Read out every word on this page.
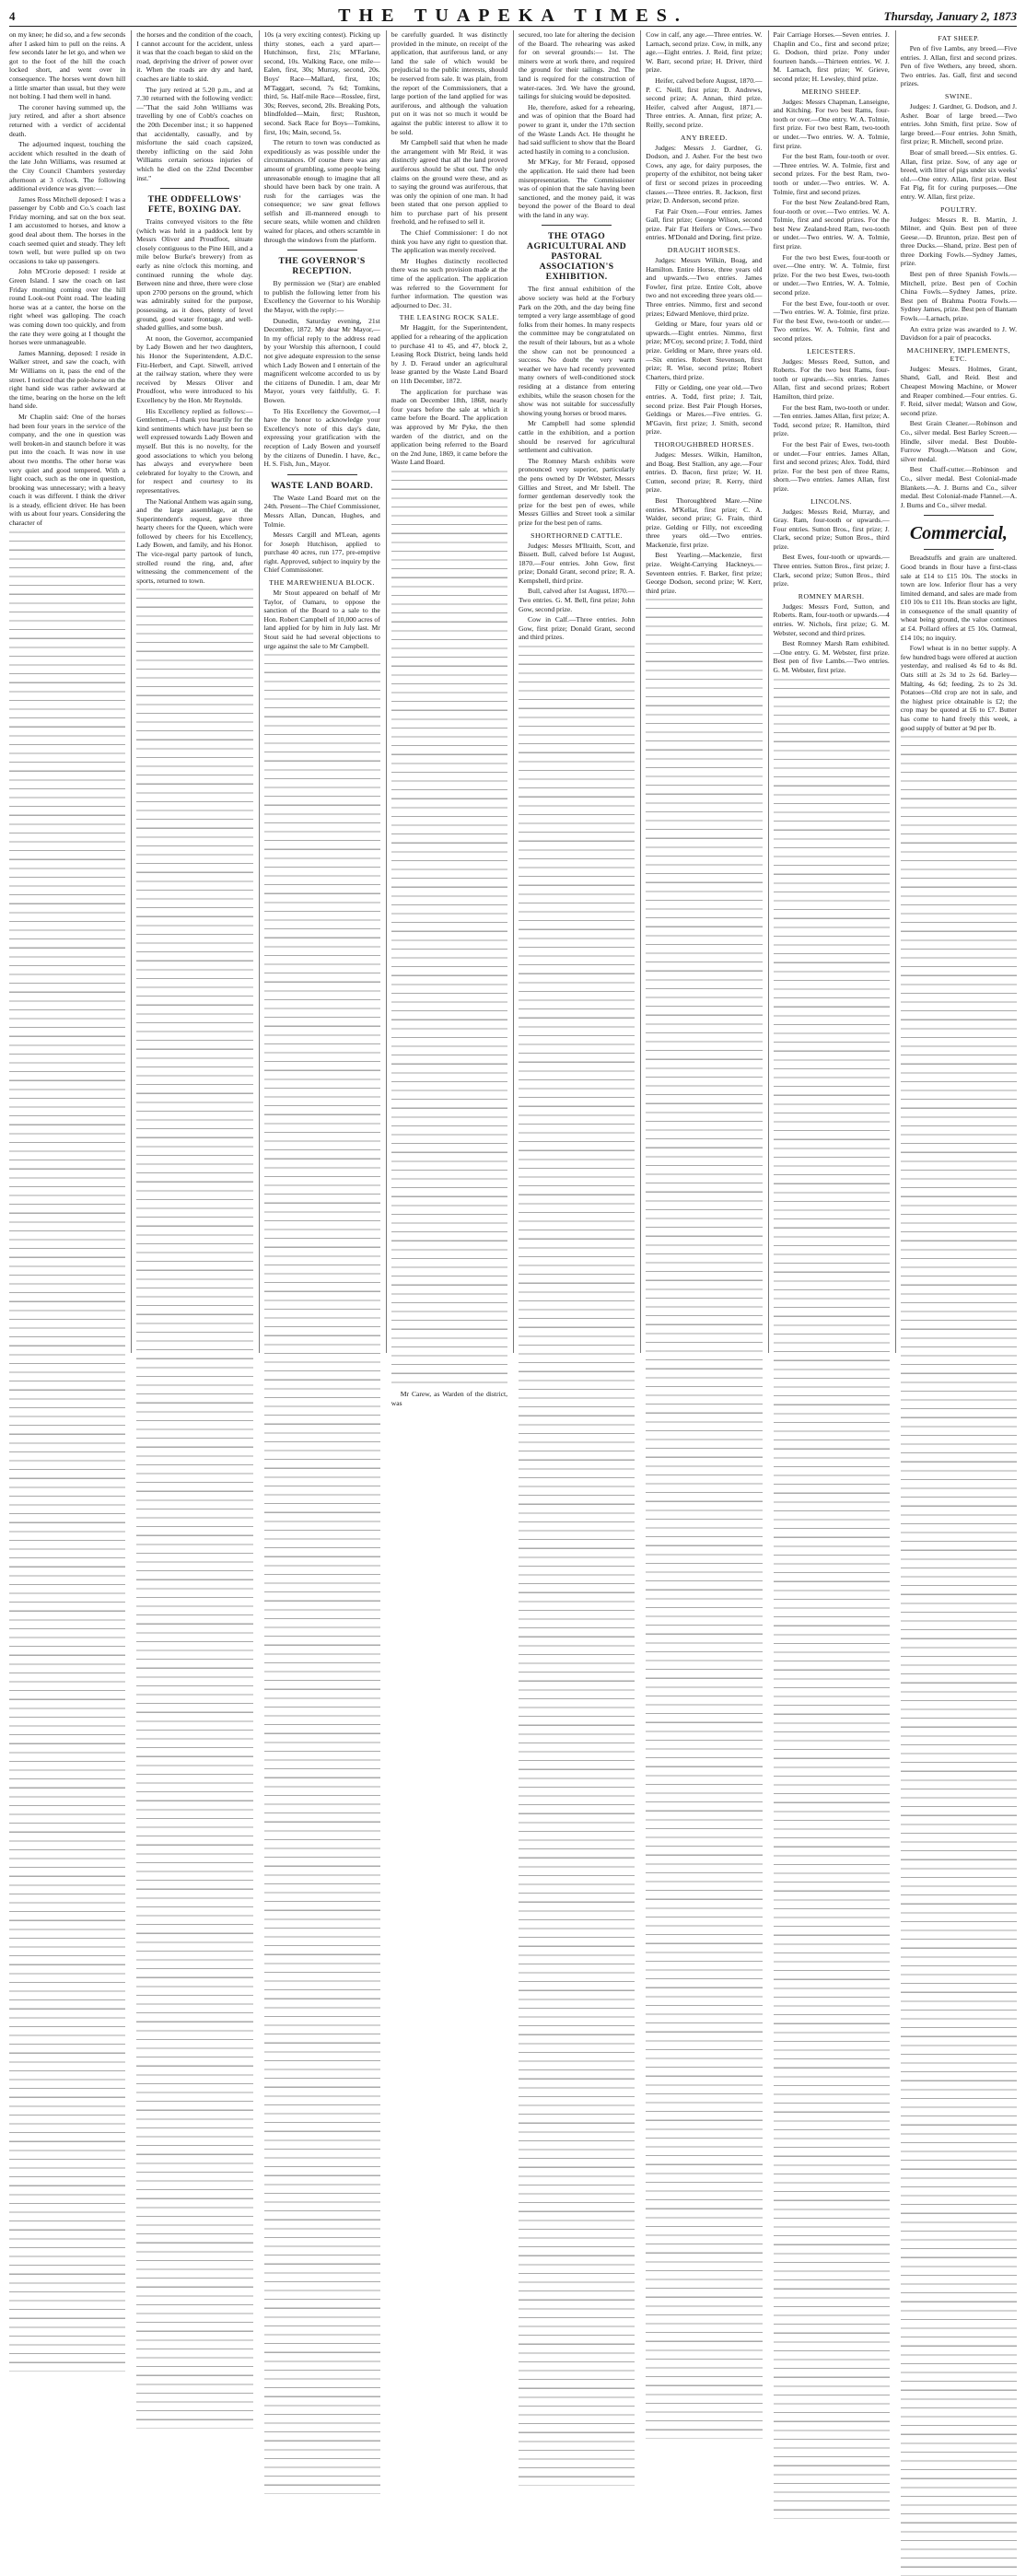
4	THE TUAPEKA TIMES.	Thursday, January 2, 1873

on my knee; he did so, and a few seconds after I asked him to pull on the reins. A few seconds later he let go, and when we got to the foot of the hill the coach locked short, and went over in consequence. The horses went down hill a little smarter than usual, but they were not bolting. I had them well in hand.

The coroner having summed up, the jury retired, and after a short absence returned with a verdict of accidental death.

The adjourned inquest, touching the accident which resulted in the death of the late John Williams, was resumed at the City Council Chambers yesterday afternoon at 3 o'clock. The following additional evidence was given:—

James Ross Mitchell deposed: I was a passenger by Cobb and Co.'s coach last Friday morning, and sat on the box seat. I am accustomed to horses, and know a good deal about them. The horses in the coach seemed quiet and steady. They left town well, but were pulled up on two occasions to take up passengers.

John M'Crorie deposed: I reside at Green Island. I saw the coach on last Friday morning coming over the hill round Look-out Point road. The leading horse was at a canter, the horse on the right wheel was galloping. The coach was coming down too quickly, and from the rate they were going at I thought the horses were unmanageable.

James Manning, deposed: I reside in Walker street, and saw the coach, with Mr Williams on it, pass the end of the street. I noticed that the pole-horse on the right hand side was rather awkward at the time, bearing on the horse on the left hand side.

Mr Chaplin said: One of the horses had been four years in the service of the company, and the one in question was well broken-in and staunch before it was put into the coach. It was now in use about two months. The other horse was very quiet and good tempered. With a light coach, such as the one in question, brooking was unnecessary; with a heavy coach it was different. I think the driver is a steady, efficient driver. He has been with us about four years. Considering the character of

the horses and the condition of the coach, I cannot account for the accident, unless it was that the coach began to skid on the road, depriving the driver of power over it. When the roads are dry and hard, coaches are liable to skid.

The jury retired at 5.20 p.m., and at 7.30 returned with the following verdict:—"That the said John Williams was travelling by one of Cobb's coaches on the 20th December inst.; it so happened that accidentally, casually, and by misfortune the said coach capsized, thereby inflicting on the said John Williams certain serious injuries of which he died on the 22nd December inst."

THE ODDFELLOWS' FETE, BOXING DAY.

Trains conveyed visitors to the fête (which was held in a paddock lent by Messrs Oliver and Proudfoot, situate closely contiguous to the Pine Hill, and a mile below Burke's brewery) from as early as nine o'clock this morning, and continued running the whole day. Between nine and three, there were close upon 2700 persons on the ground, which was admirably suited for the purpose, possessing, as it does, plenty of level ground, good water frontage, and well-shaded gullies, and some bush.

At noon, the Governor, accompanied by Lady Bowen and her two daughters, his Honor the Superintendent, A.D.C. Fitz-Herbert, and Capt. Sitwell, arrived at the railway station, where they were received by Messrs Oliver and Proudfoot, who were introduced to his Excellency by the Hon. Mr Reynolds.

His Excellency replied as follows:— Gentlemen,—I thank you heartily for the kind sentiments which have just been so well expressed towards Lady Bowen and myself. But this is no novelty, for the good associations to which you belong has always and everywhere been celebrated for loyalty to the Crown, and for respect and courtesy to its representatives.

The National Anthem was again sung, and the large assemblage, at the Superintendent's request, gave three hearty cheers for the Queen, which were followed by cheers for his Excellency, Lady Bowen, and family, and his Honor. The vice-regal party partook of lunch, strolled round the ring, and, after witnessing the commencement of the sports, returned to town.

10s (a very exciting contest). Picking up thirty stones, each a yard apart—Hutchinson, first, 21s; M'Farlane, second, 10s. Walking Race, one mile—Ealen, first, 30s; Murray, second, 20s. Boys' Race—Mallard, first, 10s; M'Taggart, second, 7s 6d; Tomkins, third, 5s. Half-mile Race—Rosslee, first, 30s; Reeves, second, 20s. Breaking Pots, blindfolded—Main, first; Rushton, second. Sack Race for Boys—Tomkins, first, 10s; Main, second, 5s.

The return to town was conducted as expeditiously as was possible under the circumstances. Of course there was any amount of grumbling, some people being unreasonable enough to imagine that all should have been back by one train. A rush for the carriages was the consequence; we saw great fellows selfish and ill-mannered enough to secure seats, while women and children waited for places, and others scramble in through the windows from the platform.

THE GOVERNOR'S RECEPTION.

By permission we (Star) are enabled to publish the following letter from his Excellency the Governor to his Worship the Mayor, with the reply:—

Dunedin, Saturday evening, 21st December, 1872. My dear Mr Mayor,—In my official reply to the address read by your Worship this afternoon, I could not give adequate expression to the sense which Lady Bowen and I entertain of the magnificent welcome accorded to us by the citizens of Dunedin. I am, dear Mr Mayor, yours very faithfully, G. F. Bowen.

To His Excellency the Governor,—I have the honor to acknowledge your Excellency's note of this day's date, expressing your gratification with the reception of Lady Bowen and yourself by the citizens of Dunedin. I have, &c., H. S. Fish, Jun., Mayor.

WASTE LAND BOARD.

The Waste Land Board met on the 24th. Present—The Chief Commissioner, Messrs Allan, Duncan, Hughes, and Tolmie.

Messrs Cargill and M'Lean, agents for Joseph Hutchison, applied to purchase 40 acres, run 177, pre-emptive right. Approved, subject to inquiry by the Chief Commissioner.

THE MAREWHENUA BLOCK.

Mr Stout appeared on behalf of Mr Taylor, of Oamaru, to oppose the sanction of the Board to a sale to the Hon. Robert Campbell of 10,000 acres of land applied for by him in July last. Mr Stout said he had several objections to urge against the sale to Mr Campbell.

be carefully guarded. It was distinctly provided in the minute, on receipt of the application, that auriferous land, or any land the sale of which would be prejudicial to the public interests, should be reserved from sale. It was plain, from the report of the Commissioners, that a large portion of the land applied for was auriferous, and although the valuation put on it was not so much it would be against the public interest to allow it to be sold.

Mr Campbell said that when he made the arrangement with Mr Reid, it was distinctly agreed that all the land proved auriferous should be shut out. The only claims on the ground were these, and as to saying the ground was auriferous, that was only the opinion of one man. It had been stated that one person applied to him to purchase part of his present freehold, and he refused to sell it.

The Chief Commissioner: I do not think you have any right to question that. The application was merely received.

Mr Hughes distinctly recollected there was no such provision made at the time of the application. The application was referred to the Government for further information. The question was adjourned to Dec. 31.

THE LEASING ROCK SALE.

Mr Haggitt, for the Superintendent, applied for a rehearing of the application to purchase 41 to 45, and 47, block 2, Leasing Rock District, being lands held by J. D. Feraud under an agricultural lease granted by the Waste Land Board on 11th December, 1872.

The application for purchase was made on December 18th, 1868, nearly four years before the sale at which it came before the Board. The application was approved by Mr Pyke, the then warden of the district, and on the application being referred to the Board on the 2nd June, 1869, it came before the Waste Land Board.

Mr Carew, as Warden of the district, was

secured, too late for altering the decision of the Board. The rehearing was asked for on several grounds:— 1st. The miners were at work there, and required the ground for their tailings. 2nd. The land is required for the construction of water-races. 3rd. We have the ground, tailings for sluicing would be deposited.

He, therefore, asked for a rehearing, and was of opinion that the Board had power to grant it, under the 17th section of the Waste Lands Act. He thought he had said sufficient to show that the Board acted hastily in coming to a conclusion.

Mr M'Kay, for Mr Feraud, opposed the application. He said there had been misrepresentation. The Commissioner was of opinion that the sale having been sanctioned, and the money paid, it was beyond the power of the Board to deal with the land in any way.

THE OTAGO AGRICULTURAL AND PASTORAL ASSOCIATION'S EXHIBITION.

The first annual exhibition of the above society was held at the Forbury Park on the 20th, and the day being fine tempted a very large assemblage of good folks from their homes. In many respects the committee may be congratulated on the result of their labours, but as a whole the show can not be pronounced a success. No doubt the very warm weather we have had recently prevented many owners of well-conditioned stock residing at a distance from entering exhibits, while the season chosen for the show was not suitable for successfully showing young horses or brood mares.

Mr Campbell had some splendid cattle in the exhibition, and a portion should be reserved for agricultural settlement and cultivation.

The Romney Marsh exhibits were pronounced very superior, particularly the pens owned by Dr Webster, Messrs Gillies and Street, and Mr Isbell. The former gentleman deservedly took the prize for the best pen of ewes, while Messrs Gillies and Street took a similar prize for the best pen of rams.

SHORTHORNED CATTLE.

Judges: Messrs M'Ilraith, Scott, and Bissett. Bull, calved before 1st August, 1870.—Four entries. John Gow, first prize; Donald Grant, second prize; R. A. Kempshell, third prize.

Bull, calved after 1st August, 1870.—Two entries. G. M. Bell, first prize; John Gow, second prize.

Cow in Calf.—Three entries. John Gow, first prize; Donald Grant, second and third prizes.

Cow in calf, any age.—Three entries. W. Larnach, second prize. Cow, in milk, any age.—Eight entries. J. Reid, first prize; W. Barr, second prize; H. Driver, third prize.

Heifer, calved before August, 1870.—P. C. Neill, first prize; D. Andrews, second prize; A. Annan, third prize. Heifer, calved after August, 1871.—Three entries. A. Annan, first prize; A. Reilly, second prize.

ANY BREED.

Judges: Messrs J. Gardner, G. Dodson, and J. Asher. For the best two Cows, any age, for dairy purposes, the property of the exhibitor, not being taker of first or second prizes in proceeding classes.—Three entries. R. Jackson, first prize; D. Anderson, second prize.

Fat Pair Oxen.—Four entries. James Gall, first prize; George Wilson, second prize. Pair Fat Heifers or Cows.—Two entries. M'Donald and Doring, first prize.

DRAUGHT HORSES.

Judges: Messrs Wilkin, Boag, and Hamilton. Entire Horse, three years old and upwards.—Two entries. James Fowler, first prize. Entire Colt, above two and not exceeding three years old.—Three entries. Nimmo, first and second prizes; Edward Menlove, third prize.

Gelding or Mare, four years old or upwards.—Eight entries. Nimmo, first prize; M'Coy, second prize; J. Todd, third prize. Gelding or Mare, three years old.—Six entries. Robert Stevenson, first prize; R. Wise, second prize; Robert Charters, third prize.

Filly or Gelding, one year old.—Two entries. A. Todd, first prize; J. Tait, second prize. Best Pair Plough Horses, Geldings or Mares.—Five entries. G. M'Gavin, first prize; J. Smith, second prize.

THOROUGHBRED HORSES.

Judges: Messrs. Wilkin, Hamilton, and Boag. Best Stallion, any age.—Four entries. D. Bacon, first prize; W. H. Cutten, second prize; R. Kerry, third prize.

Best Thoroughbred Mare.—Nine entries. M'Kellar, first prize; C. A. Walder, second prize; G. Frain, third prize. Gelding or Filly, not exceeding three years old.—Two entries. Mackenzie, first prize.

Best Yearling.—Mackenzie, first prize. Weight-Carrying Hackneys.—Seventeen entries. F. Barker, first prize; George Dodson, second prize; W. Kerr, third prize.

Pair Carriage Horses.—Seven entries. J. Chaplin and Co., first and second prize; G. Dodson, third prize. Pony under fourteen hands.—Thirteen entries. W. J. M. Larnach, first prize; W. Grieve, second prize; H. Lewsley, third prize.

MERINO SHEEP.

Judges: Messrs Chapman, Lanseigne, and Kitching. For two best Rams, four-tooth or over.—One entry. W. A. Tolmie, first prize. For two best Ram, two-tooth or under.—Two entries. W. A. Tolmie, first prize.

For the best Ram, four-tooth or over.—Three entries. W. A. Tolmie, first and second prizes. For the best Ram, two-tooth or under.—Two entries. W. A. Tolmie, first and second prizes.

For the best New Zealand-bred Ram, four-tooth or over.—Two entries. W. A. Tolmie, first and second prizes. For the best New Zealand-bred Ram, two-tooth or under.—Two entries. W. A. Tolmie, first prize.

For the two best Ewes, four-tooth or over.—One entry. W. A. Tolmie, first prize. For the two best Ewes, two-tooth or under.—Two Entries, W. A. Tolmie, second prize.

For the best Ewe, four-tooth or over.—Two entries. W. A. Tolmie, first prize. For the best Ewe, two-tooth or under.—Two entries. W. A. Tolmie, first and second prizes.

LEICESTERS.

Judges: Messrs Reed, Sutton, and Roberts. For the two best Rams, four-tooth or upwards.—Six entries. James Allan, first and second prizes; Robert Hamilton, third prize.

For the best Ram, two-tooth or under.—Ten entries. James Allan, first prize; A. Todd, second prize; R. Hamilton, third prize.

For the best Pair of Ewes, two-tooth or under.—Four entries. James Allan, first and second prizes; Alex. Todd, third prize. For the best pen of three Rams, shorn.—Two entries. James Allan, first prize.

LINCOLNS.

Judges: Messrs Reid, Murray, and Gray. Ram, four-tooth or upwards.—Four entries. Sutton Bros., first prize; J. Clark, second prize; Sutton Bros., third prize.

Best Ewes, four-tooth or upwards.—Three entries. Sutton Bros., first prize; J. Clark, second prize; Sutton Bros., third prize.

ROMNEY MARSH.

Judges: Messrs Ford, Sutton, and Roberts. Ram, four-tooth or upwards.—4 entries. W. Nichols, first prize; G. M. Webster, second and third prizes.

Best Romney Marsh Ram exhibited.—One entry. G. M. Webster, first prize. Best pen of five Lambs.—Two entries. G. M. Webster, first prize.

FAT SHEEP.

Pen of five Lambs, any breed.—Five entries. J. Allan, first and second prizes. Pen of five Wethers, any breed, shorn. Two entries. Jas. Gall, first and second prizes.

SWINE.

Judges: J. Gardner, G. Dodson, and J. Asher. Boar of large breed.—Two entries. John Smith, first prize. Sow of large breed.—Four entries. John Smith, first prize; R. Mitchell, second prize.

Boar of small breed.—Six entries. G. Allan, first prize. Sow, of any age or breed, with litter of pigs under six weeks' old.—One entry. Allan, first prize. Best Fat Pig, fit for curing purposes.—One entry. W. Allan, first prize.

POULTRY.

Judges: Messrs R. B. Martin, J. Milner, and Quin. Best pen of three Geese.—D. Brunton, prize. Best pen of three Ducks.—Shand, prize. Best pen of three Dorking Fowls.—Sydney James, prize.

Best pen of three Spanish Fowls.—Mitchell, prize. Best pen of Cochin China Fowls.—Sydney James, prize. Best pen of Brahma Pootra Fowls.—Sydney James, prize. Best pen of Bantam Fowls.—Larnach, prize.

An extra prize was awarded to J. W. Davidson for a pair of peacocks.

MACHINERY, IMPLEMENTS, ETC.

Judges: Messrs. Holmes, Grant, Shand, Gall, and Reid. Best and Cheapest Mowing Machine, or Mower and Reaper combined.—Four entries. G. F. Reid, silver medal; Watson and Gow, second prize.

Best Grain Cleaner.—Robinson and Co., silver medal. Best Barley Screen.—Hindle, silver medal. Best Double-Furrow Plough.—Watson and Gow, silver medal.

Best Chaff-cutter.—Robinson and Co., silver medal. Best Colonial-made Blankets.—A. J. Burns and Co., silver medal. Best Colonial-made Flannel.—A. J. Burns and Co., silver medal.

Commercial,

Breadstuffs and grain are unaltered. Good brands in flour have a first-class sale at £14 to £15 10s. The stocks in town are low. Inferior flour has a very limited demand, and sales are made from £10 10s to £11 10s. Bran stocks are light, in consequence of the small quantity of wheat being ground, the value continues at £4. Pollard offers at £5 10s. Oatmeal, £14 10s; no inquiry.

Fowl wheat is in no better supply. A few hundred bags were offered at auction yesterday, and realised 4s 6d to 4s 8d. Oats still at 2s 3d to 2s 6d. Barley—Malting, 4s 6d; feeding, 2s to 2s 3d. Potatoes—Old crop are not in sale, and the highest price obtainable is £2; the crop may be quoted at £6 to £7. Butter has come to hand freely this week, a good supply of butter at 9d per lb.
